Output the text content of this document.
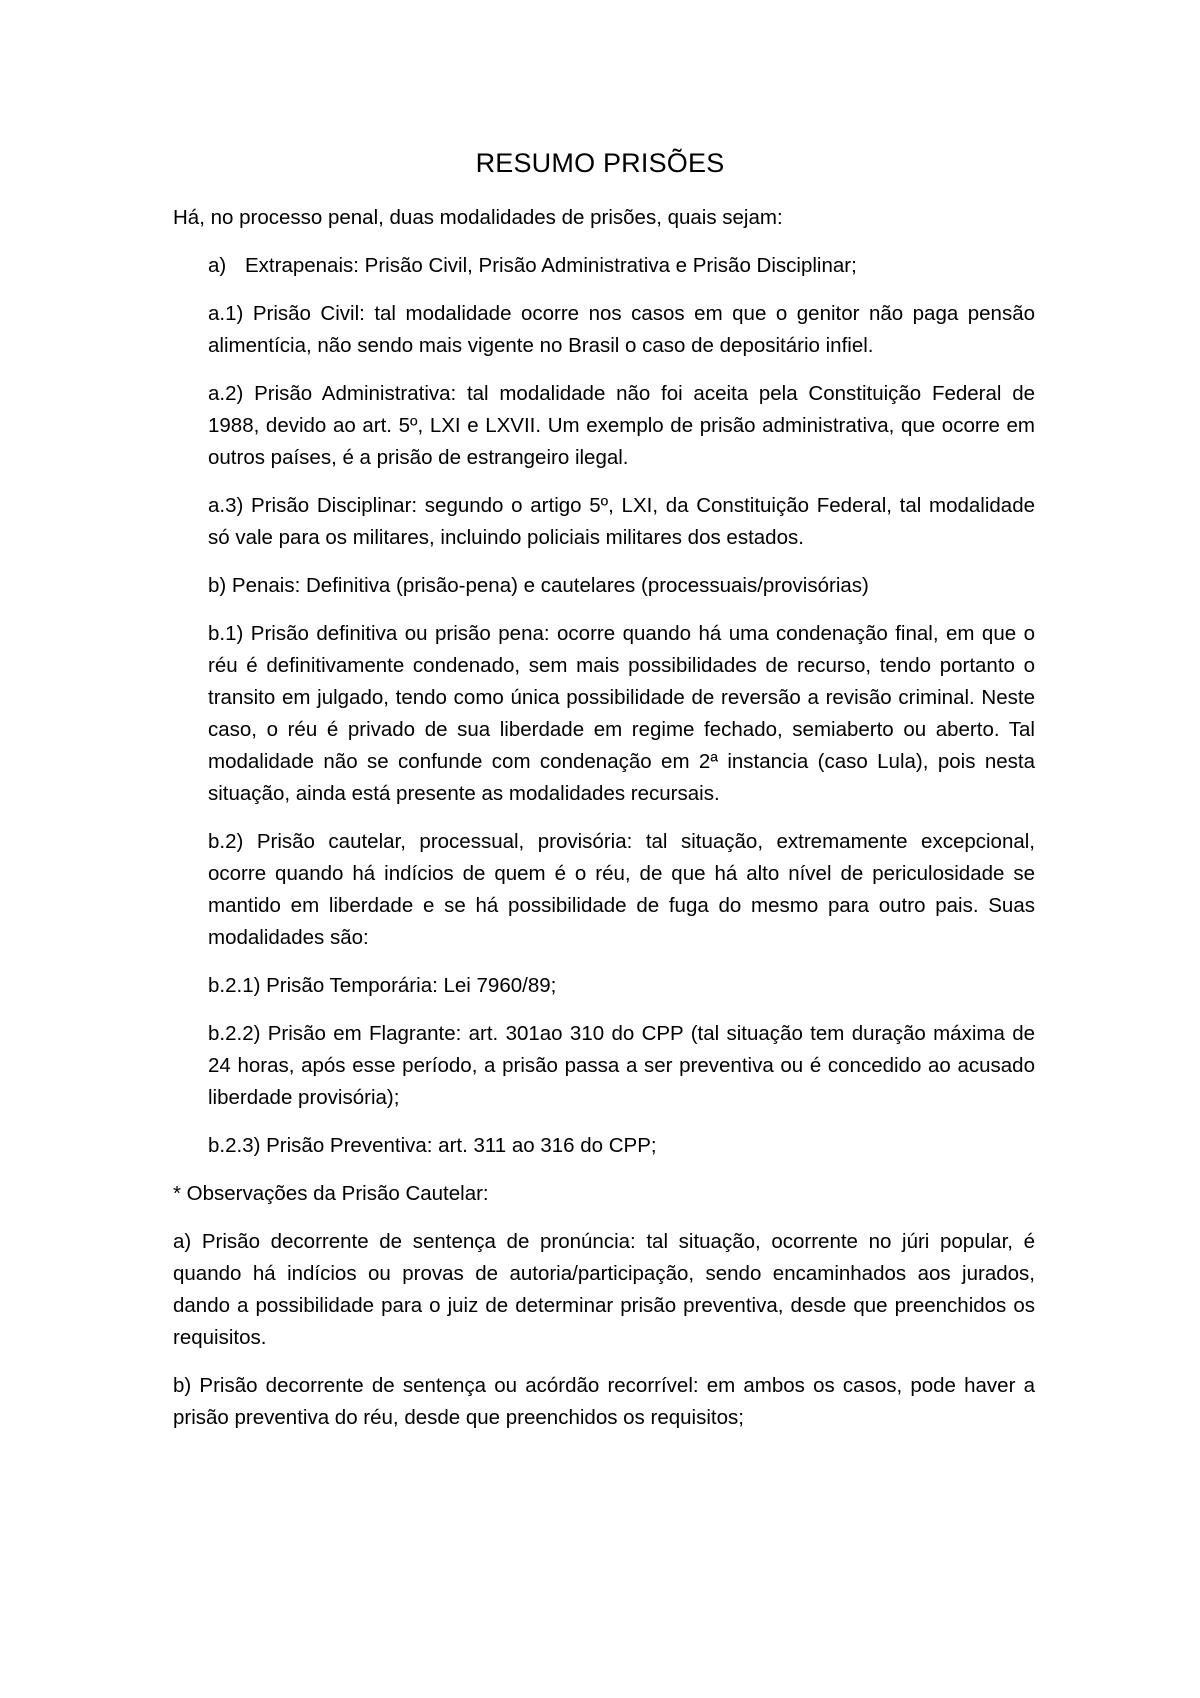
RESUMO PRISÕES

Há, no processo penal, duas modalidades de prisões, quais sejam:

a) Extrapenais: Prisão Civil, Prisão Administrativa e Prisão Disciplinar;

a.1) Prisão Civil: tal modalidade ocorre nos casos em que o genitor não paga pensão alimentícia, não sendo mais vigente no Brasil o caso de depositário infiel.

a.2) Prisão Administrativa: tal modalidade não foi aceita pela Constituição Federal de 1988, devido ao art. 5º, LXI e LXVII. Um exemplo de prisão administrativa, que ocorre em outros países, é a prisão de estrangeiro ilegal.

a.3) Prisão Disciplinar: segundo o artigo 5º, LXI, da Constituição Federal, tal modalidade só vale para os militares, incluindo policiais militares dos estados.

b) Penais: Definitiva (prisão-pena) e cautelares (processuais/provisórias)

b.1) Prisão definitiva ou prisão pena: ocorre quando há uma condenação final, em que o réu é definitivamente condenado, sem mais possibilidades de recurso, tendo portanto o transito em julgado, tendo como única possibilidade de reversão a revisão criminal. Neste caso, o réu é privado de sua liberdade em regime fechado, semiaberto ou aberto. Tal modalidade não se confunde com condenação em 2ª instancia (caso Lula), pois nesta situação, ainda está presente as modalidades recursais.

b.2) Prisão cautelar, processual, provisória: tal situação, extremamente excepcional, ocorre quando há indícios de quem é o réu, de que há alto nível de periculosidade se mantido em liberdade e se há possibilidade de fuga do mesmo para outro pais. Suas modalidades são:

b.2.1) Prisão Temporária: Lei 7960/89;

b.2.2) Prisão em Flagrante: art. 301ao 310 do CPP (tal situação tem duração máxima de 24 horas, após esse período, a prisão passa a ser preventiva ou é concedido ao acusado liberdade provisória);

b.2.3) Prisão Preventiva: art. 311 ao 316 do CPP;

* Observações da Prisão Cautelar:

a) Prisão decorrente de sentença de pronúncia: tal situação, ocorrente no júri popular, é quando há indícios ou provas de autoria/participação, sendo encaminhados aos jurados, dando a possibilidade para o juiz de determinar prisão preventiva, desde que preenchidos os requisitos.

b) Prisão decorrente de sentença ou acórdão recorrível: em ambos os casos, pode haver a prisão preventiva do réu, desde que preenchidos os requisitos;
